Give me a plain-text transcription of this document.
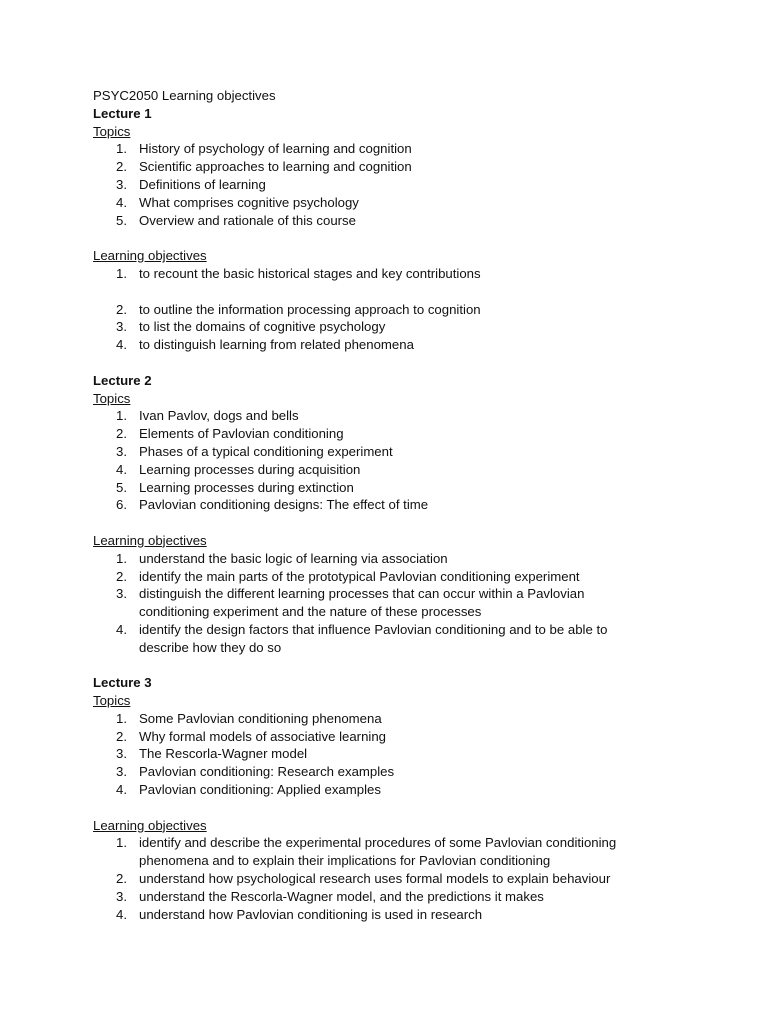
PSYC2050 Learning objectives
Lecture 1
Topics
1. History of psychology of learning and cognition
2. Scientific approaches to learning and cognition
3. Definitions of learning
4. What comprises cognitive psychology
5. Overview and rationale of this course
Learning objectives
1. to recount the basic historical stages and key contributions
2. to outline the information processing approach to cognition
3. to list the domains of cognitive psychology
4. to distinguish learning from related phenomena
Lecture 2
Topics
1. Ivan Pavlov, dogs and bells
2. Elements of Pavlovian conditioning
3. Phases of a typical conditioning experiment
4. Learning processes during acquisition
5. Learning processes during extinction
6. Pavlovian conditioning designs: The effect of time
Learning objectives
1. understand the basic logic of learning via association
2. identify the main parts of the prototypical Pavlovian conditioning experiment
3. distinguish the different learning processes that can occur within a Pavlovian
conditioning experiment and the nature of these processes
4. identify the design factors that influence Pavlovian conditioning and to be able to
describe how they do so
Lecture 3
Topics
1. Some Pavlovian conditioning phenomena
2. Why formal models of associative learning
3. The Rescorla-Wagner model
3. Pavlovian conditioning: Research examples
4. Pavlovian conditioning: Applied examples
Learning objectives
1. identify and describe the experimental procedures of some Pavlovian conditioning
phenomena and to explain their implications for Pavlovian conditioning
2. understand how psychological research uses formal models to explain behaviour
3. understand the Rescorla-Wagner model, and the predictions it makes
4. understand how Pavlovian conditioning is used in research
